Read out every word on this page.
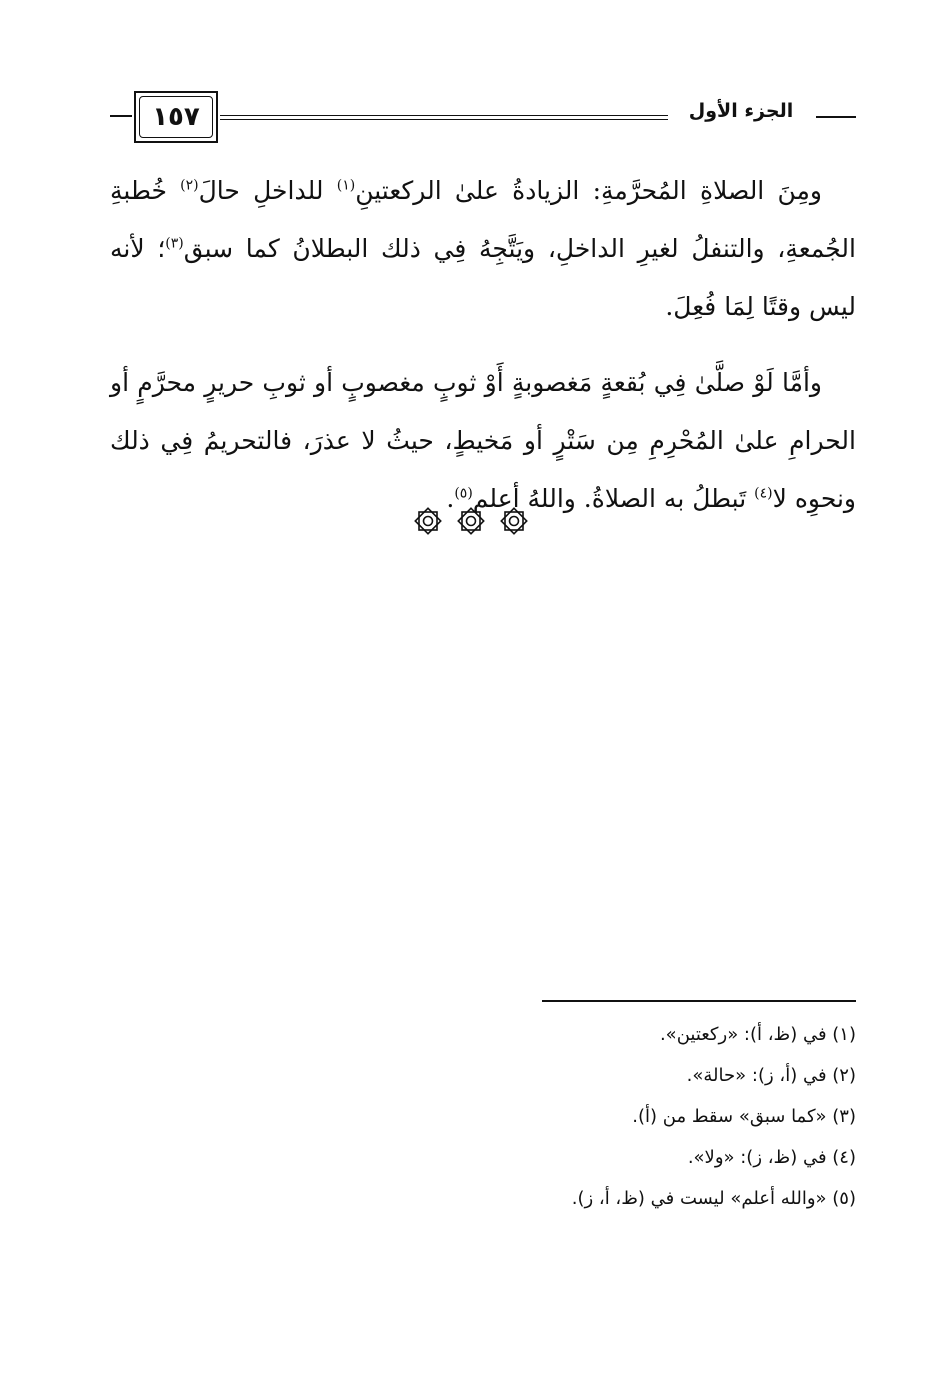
١٥٧	الجزء الأول

ومِنَ الصلاةِ المُحرَّمةِ: الزيادةُ علىٰ الركعتينِ$^{(١)}$ للداخلِ حالَ$^{(٢)}$ خُطبةِ الجُمعةِ، والتنفلُ لغيرِ الداخلِ، ويَتَّجِهُ فِي ذلك البطلانُ كما سبق$^{(٣)}$؛ لأنه ليس وقتًا لِمَا فُعِلَ.

وأمَّا لَوْ صلَّىٰ فِي بُقعةٍ مَغصوبةٍ أَوْ ثوبٍ مغصوبٍ أو ثوبِ حريرٍ محرَّمٍ أو الحرامِ علىٰ المُحْرِمِ مِن سَتْرٍ أو مَخيطٍ، حيثُ لا عذرَ، فالتحريمُ فِي ذلك ونحوِه لا$^{(٤)}$ تَبطلُ به الصلاةُ. واللهُ أعلم$^{(٥)}$.

(١) في (ظ، أ): «ركعتين».
(٢) في (أ، ز): «حالة».
(٣) «كما سبق» سقط من (أ).
(٤) في (ظ، ز): «ولا».
(٥) «والله أعلم» ليست في (ظ، أ، ز).
